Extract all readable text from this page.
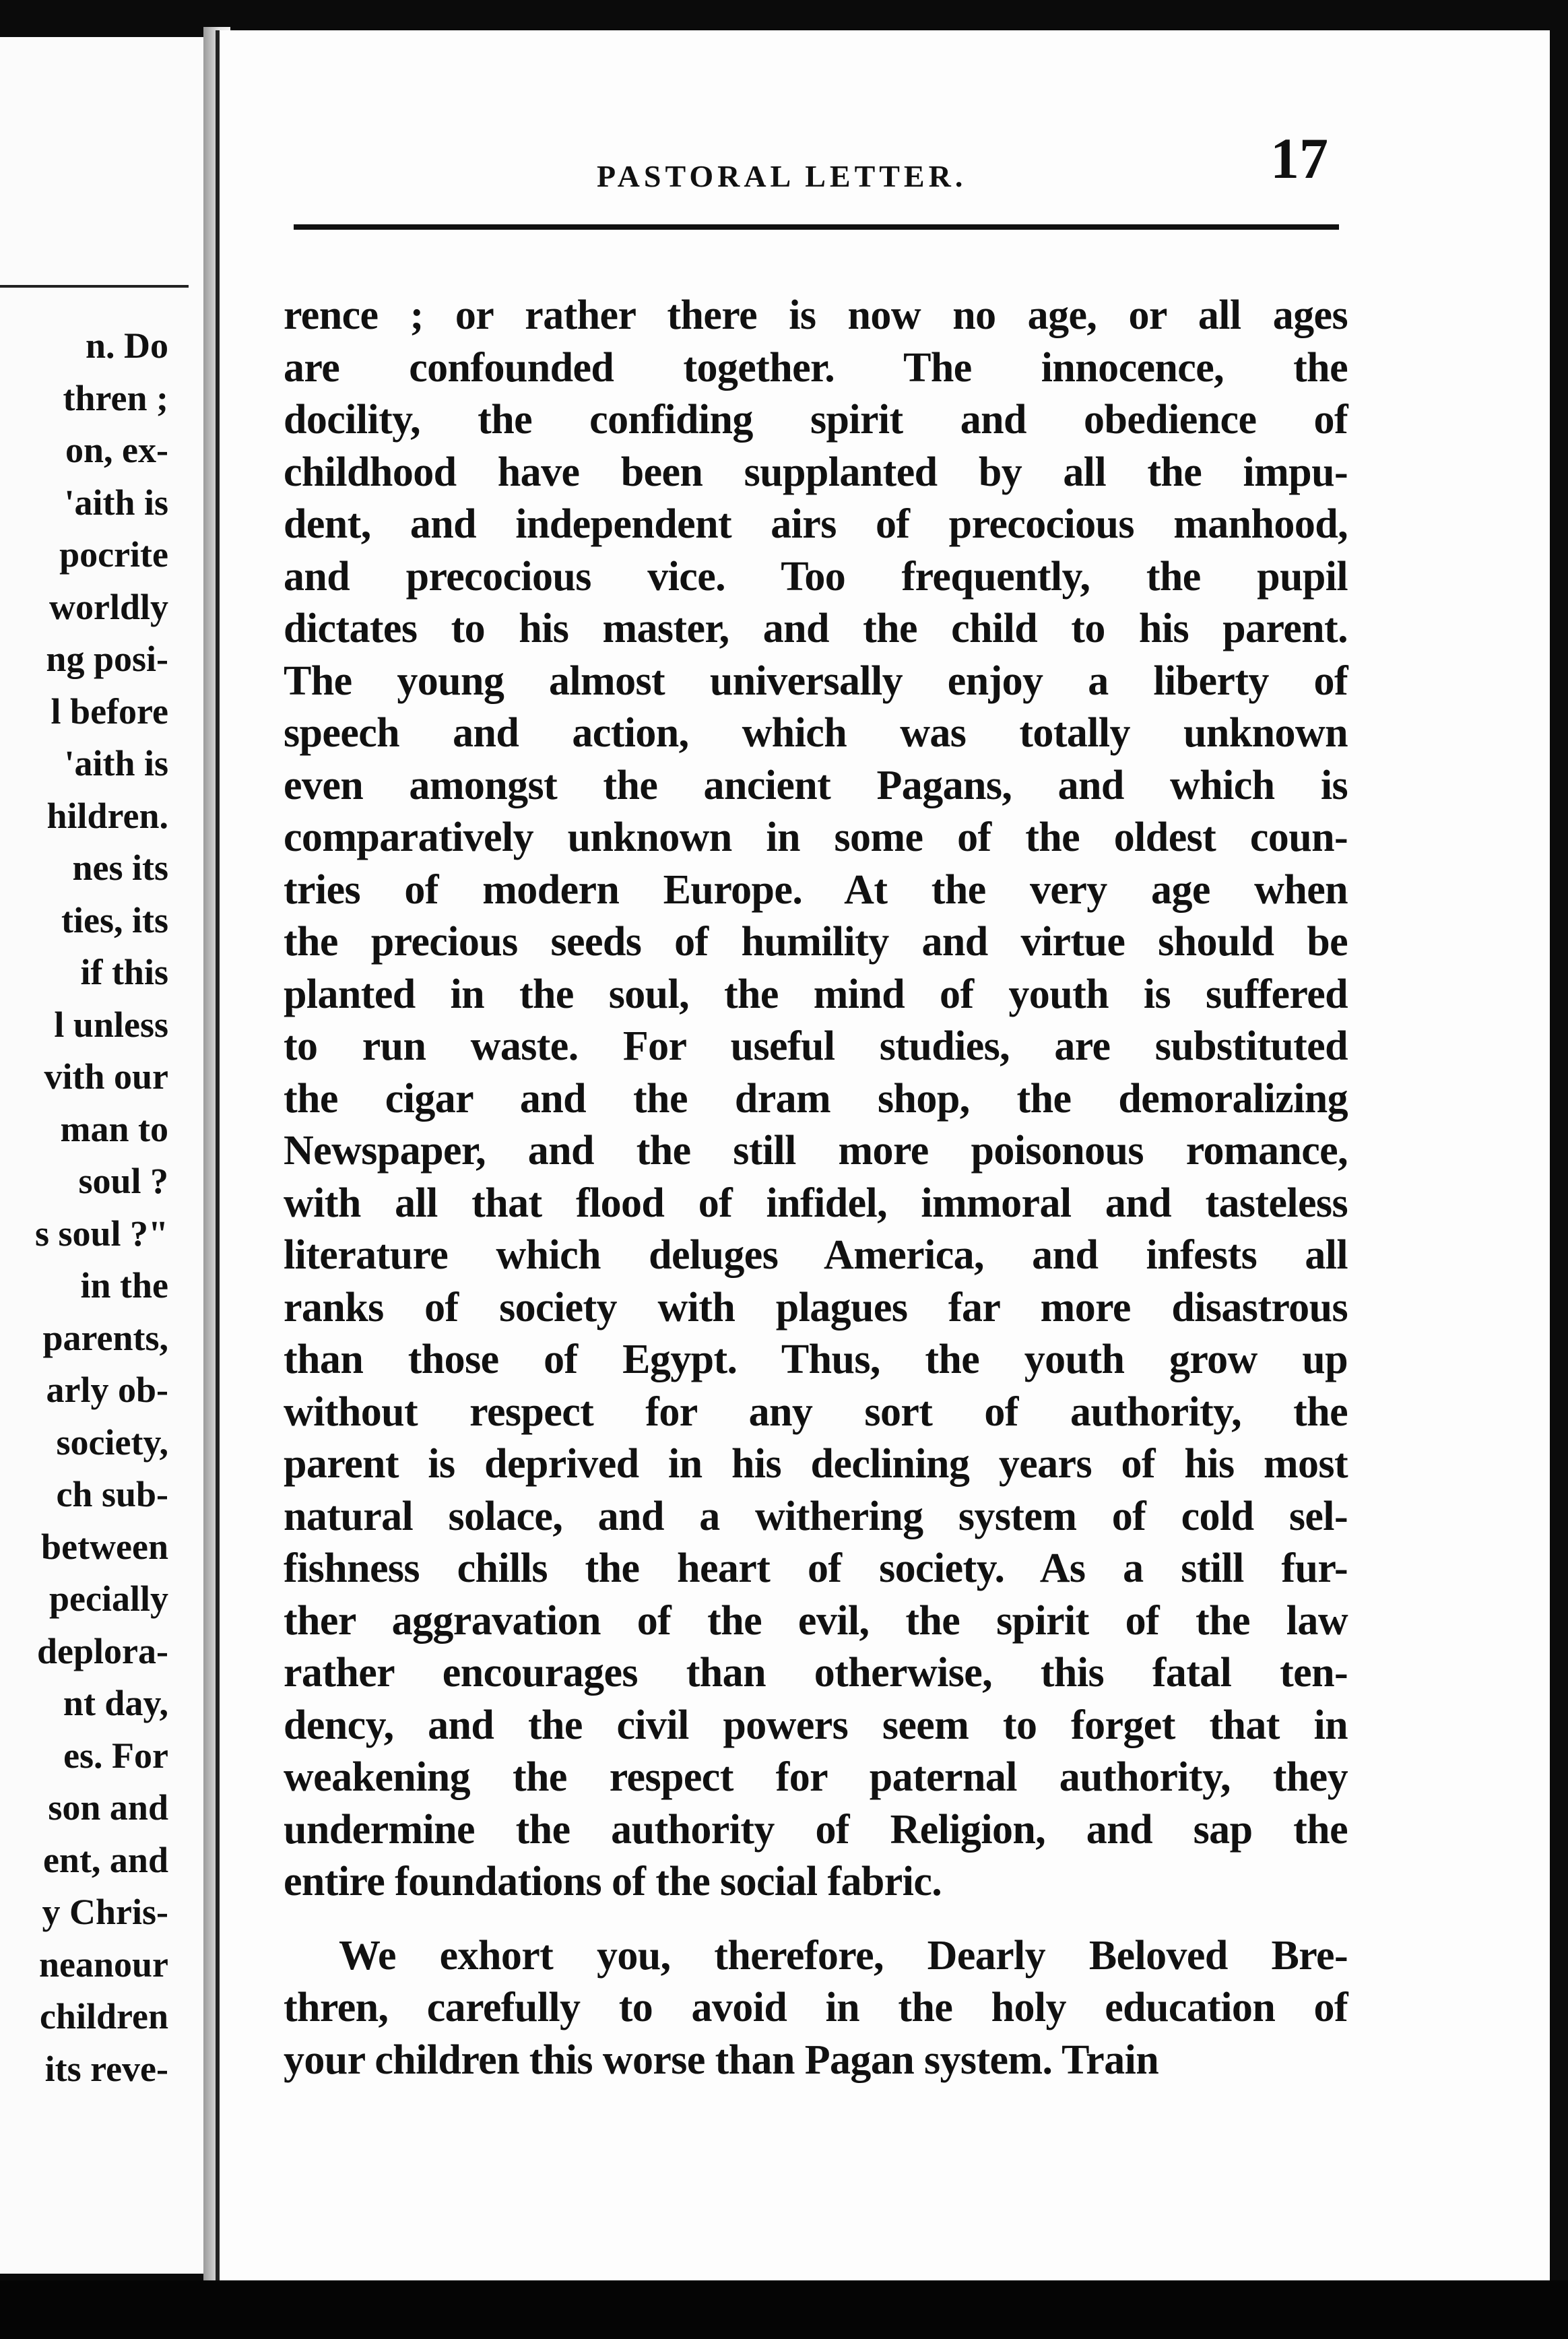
n. Do
thren ;
on, ex-
'aith is
pocrite
worldly
ng posi-
l before
'aith is
hildren.
nes its
ties, its
if this
l unless
vith our
man to
soul ?
s soul ?"
in the
parents,
arly ob-
society,
ch sub-
between
pecially
deplora-
nt day,
es. For
son and
ent, and
y Chris-
neanour
children
its reve-
PASTORAL LETTER.	17
rence ; or rather there is now no age, or all ages
are confounded together. The innocence, the
docility, the confiding spirit and obedience of
childhood have been supplanted by all the impu-
dent, and independent airs of precocious manhood,
and precocious vice. Too frequently, the pupil
dictates to his master, and the child to his parent.
The young almost universally enjoy a liberty of
speech and action, which was totally unknown
even amongst the ancient Pagans, and which is
comparatively unknown in some of the oldest coun-
tries of modern Europe. At the very age when
the precious seeds of humility and virtue should be
planted in the soul, the mind of youth is suffered
to run waste. For useful studies, are substituted
the cigar and the dram shop, the demoralizing
Newspaper, and the still more poisonous romance,
with all that flood of infidel, immoral and tasteless
literature which deluges America, and infests all
ranks of society with plagues far more disastrous
than those of Egypt. Thus, the youth grow up
without respect for any sort of authority, the
parent is deprived in his declining years of his most
natural solace, and a withering system of cold sel-
fishness chills the heart of society. As a still fur-
ther aggravation of the evil, the spirit of the law
rather encourages than otherwise, this fatal ten-
dency, and the civil powers seem to forget that in
weakening the respect for paternal authority, they
undermine the authority of Religion, and sap the
entire foundations of the social fabric.
We exhort you, therefore, Dearly Beloved Bre-
thren, carefully to avoid in the holy education of
your children this worse than Pagan system. Train
